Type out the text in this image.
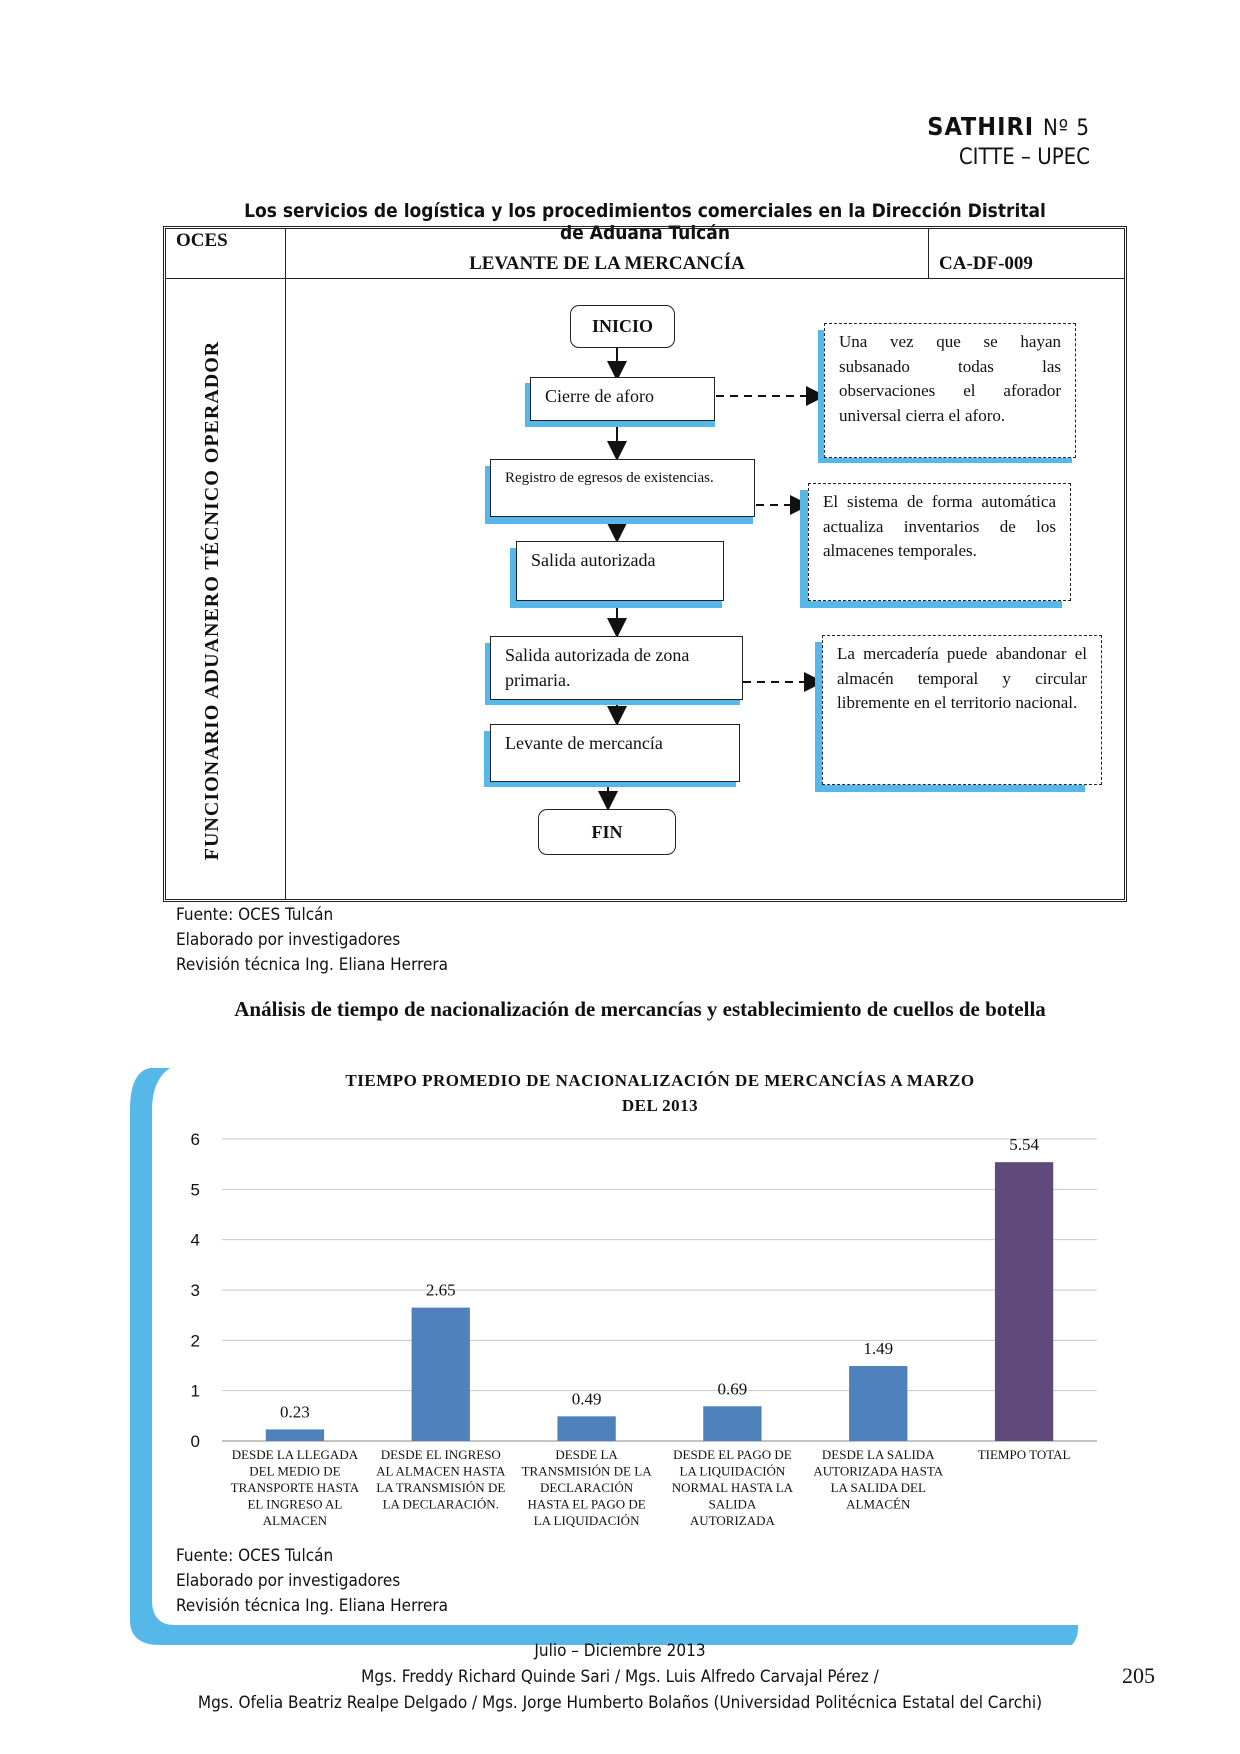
SATHIRI Nº 5
CITTE – UPEC
Los servicios de logística y los procedimientos comerciales en la Dirección Distrital de Aduana Tulcán
OCES
LEVANTE DE LA MERCANCÍA	CA-DF-009
FUNCIONARIO ADUANERO TÉCNICO OPERADOR
INICIO
Cierre de aforo
Registro de egresos de existencias.
Salida autorizada
Salida autorizada de zona primaria.
Levante de mercancía
FIN
Una vez que se hayan subsanado todas las observaciones el aforador universal cierra el aforo.
El sistema de forma automática actualiza inventarios de los almacenes temporales.
La mercadería puede abandonar el almacén temporal y circular libremente en el territorio nacional.
Fuente: OCES Tulcán
Elaborado por investigadores
Revisión técnica Ing. Eliana Herrera
Análisis de tiempo de nacionalización de mercancías y establecimiento de cuellos de botella
TIEMPO PROMEDIO DE NACIONALIZACIÓN DE MERCANCÍAS A MARZO
DEL 2013
0
1
2
3
4
5
6
0.23
DESDE LA LLEGADA DEL MEDIO DE TRANSPORTE HASTA EL INGRESO AL ALMACEN
2.65
DESDE EL INGRESO AL ALMACEN HASTA LA TRANSMISIÓN DE LA DECLARACIÓN.
0.49
DESDE LA TRANSMISIÓN DE LA DECLARACIÓN HASTA EL PAGO DE LA LIQUIDACIÓN
0.69
DESDE EL PAGO DE LA LIQUIDACIÓN NORMAL HASTA LA SALIDA AUTORIZADA
1.49
DESDE LA SALIDA AUTORIZADA HASTA LA SALIDA DEL ALMACÉN
5.54
TIEMPO TOTAL
Fuente: OCES Tulcán
Elaborado por investigadores
Revisión técnica Ing. Eliana Herrera
Julio – Diciembre 2013
Mgs. Freddy Richard Quinde Sari / Mgs. Luis Alfredo Carvajal Pérez /
Mgs. Ofelia Beatriz Realpe Delgado / Mgs. Jorge Humberto Bolaños (Universidad Politécnica Estatal del Carchi)
205
